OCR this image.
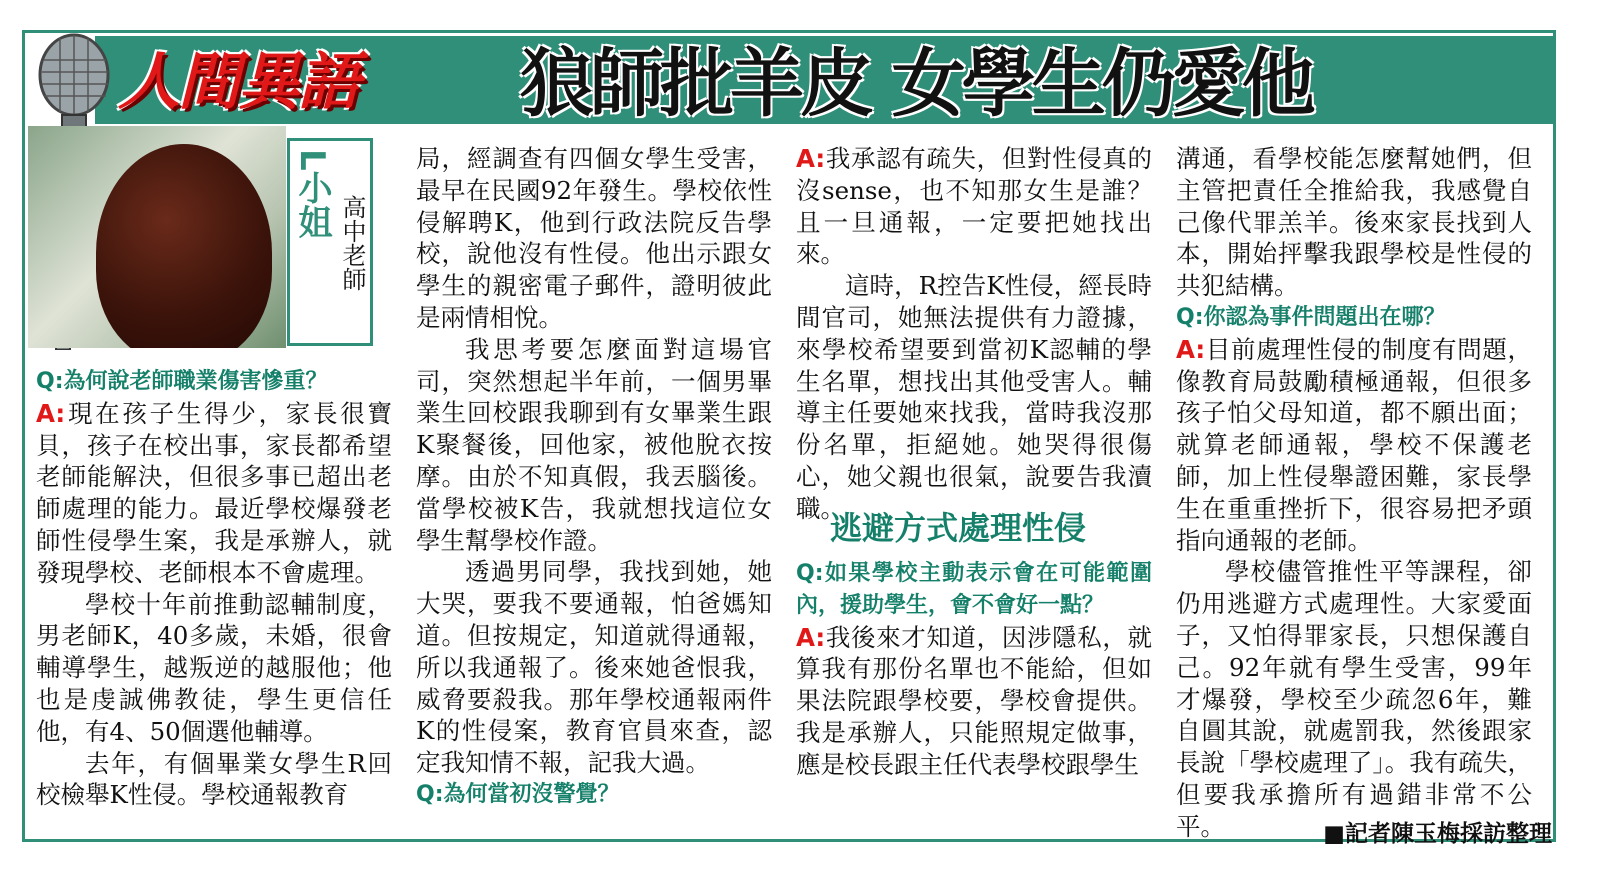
人間異語	狼師批羊皮 女學生仍愛他
L小姐
高中老師

Q:為何說老師職業傷害慘重？

A:現在孩子生得少，家長很寶貝，孩子在校出事，家長都希望老師能解決，但很多事已超出老師處理的能力。最近學校爆發老師性侵學生案，我是承辦人，就發現學校、老師根本不會處理。

學校十年前推動認輔制度，男老師K，40多歲，未婚，很會輔導學生，越叛逆的越服他；他也是虔誠佛教徒，學生更信任他，有4、50個選他輔導。

去年，有個畢業女學生R回校檢舉K性侵。學校通報教育

局，經調查有四個女學生受害，最早在民國92年發生。學校依性侵解聘K，他到行政法院反告學校，說他沒有性侵。他出示跟女學生的親密電子郵件，證明彼此是兩情相悅。

我思考要怎麼面對這場官司，突然想起半年前，一個男畢業生回校跟我聊到有女畢業生跟K聚餐後，回他家，被他脫衣按摩。由於不知真假，我丟腦後。當學校被K告，我就想找這位女學生幫學校作證。

透過男同學，我找到她，她大哭，要我不要通報，怕爸媽知道。但按規定，知道就得通報，所以我通報了。後來她爸恨我，威脅要殺我。那年學校通報兩件K的性侵案，教育官員來查，認定我知情不報，記我大過。

Q:為何當初沒警覺？

A:我承認有疏失，但對性侵真的沒sense，也不知那女生是誰？且一旦通報，一定要把她找出來。

這時，R控告K性侵，經長時間官司，她無法提供有力證據，來學校希望要到當初K認輔的學生名單，想找出其他受害人。輔導主任要她來找我，當時我沒那份名單，拒絕她。她哭得很傷心，她父親也很氣，說要告我瀆職。

逃避方式處理性侵

Q:如果學校主動表示會在可能範圍內，援助學生，會不會好一點？

A:我後來才知道，因涉隱私，就算我有那份名單也不能給，但如果法院跟學校要，學校會提供。我是承辦人，只能照規定做事，應是校長跟主任代表學校跟學生

溝通，看學校能怎麼幫她們，但主管把責任全推給我，我感覺自己像代罪羔羊。後來家長找到人本，開始抨擊我跟學校是性侵的共犯結構。

Q:你認為事件問題出在哪？

A:目前處理性侵的制度有問題，像教育局鼓勵積極通報，但很多孩子怕父母知道，都不願出面；就算老師通報，學校不保護老師，加上性侵舉證困難，家長學生在重重挫折下，很容易把矛頭指向通報的老師。

學校儘管推性平等課程，卻仍用逃避方式處理性。大家愛面子，又怕得罪家長，只想保護自己。92年就有學生受害，99年才爆發，學校至少疏忽6年，難自圓其說，就處罰我，然後跟家長說「學校處理了」。我有疏失，但要我承擔所有過錯非常不公平。	■記者陳玉梅採訪整理
